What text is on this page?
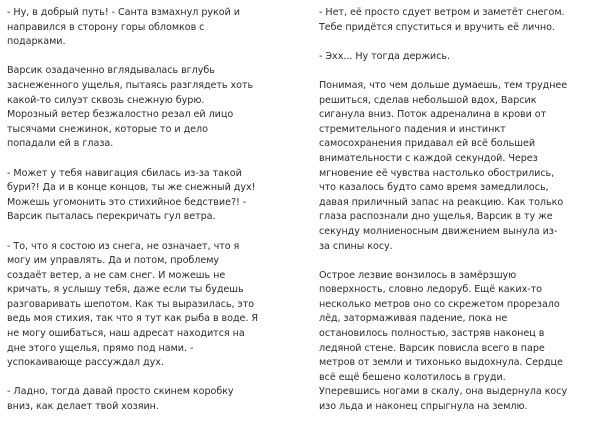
- Ну, в добрый путь! - Санта взмахнул рукой и
направился в сторону горы обломков с
подарками.

Варсик озадаченно вглядывалась вглубь
заснеженного ущелья, пытаясь разглядеть хоть
какой-то силуэт сквозь снежную бурю.
Морозный ветер безжалостно резал ей лицо
тысячами снежинок, которые то и дело
попадали ей в глаза.

- Может у тебя навигация сбилась из-за такой
бури?! Да и в конце концов, ты же снежный дух!
Можешь угомонить это стихийное бедствие?! -
Варсик пыталась перекричать гул ветра.

- То, что я состою из снега, не означает, что я
могу им управлять. Да и потом, проблему
создаёт ветер, а не сам снег. И можешь не
кричать, я услышу тебя, даже если ты будешь
разговаривать шепотом. Как ты выразилась, это
ведь моя стихия, так что я тут как рыба в воде. Я
не могу ошибаться, наш адресат находится на
дне этого ущелья, прямо под нами. -
успокаивающе рассуждал дух.

- Ладно, тогда давай просто скинем коробку
вниз, как делает твой хозяин.

- Нет, её просто сдует ветром и заметёт снегом.
Тебе придётся спуститься и вручить её лично.

- Эхх... Ну тогда держись.

Понимая, что чем дольше думаешь, тем труднее
решиться, сделав небольшой вдох, Варсик
сиганула вниз. Поток адреналина в крови от
стремительного падения и инстинкт
самосохранения придавал ей всё большей
внимательности с каждой секундой. Через
мгновение её чувства настолько обострились,
что казалось будто само время замедлилось,
давая приличный запас на реакцию. Как только
глаза распознали дно ущелья, Варсик в ту же
секунду молниеносным движением вынула из-
за спины косу.

Острое лезвие вонзилось в замёрзшую
поверхность, словно ледоруб. Ещё каких-то
несколько метров оно со скрежетом прорезало
лёд, затормаживая падение, пока не
остановилось полностью, застряв наконец в
ледяной стене. Варсик повисла всего в паре
метров от земли и тихонько выдохнула. Сердце
всё ещё бешено колотилось в груди.
Уперевшись ногами в скалу, она выдернула косу
изо льда и наконец спрыгнула на землю.
